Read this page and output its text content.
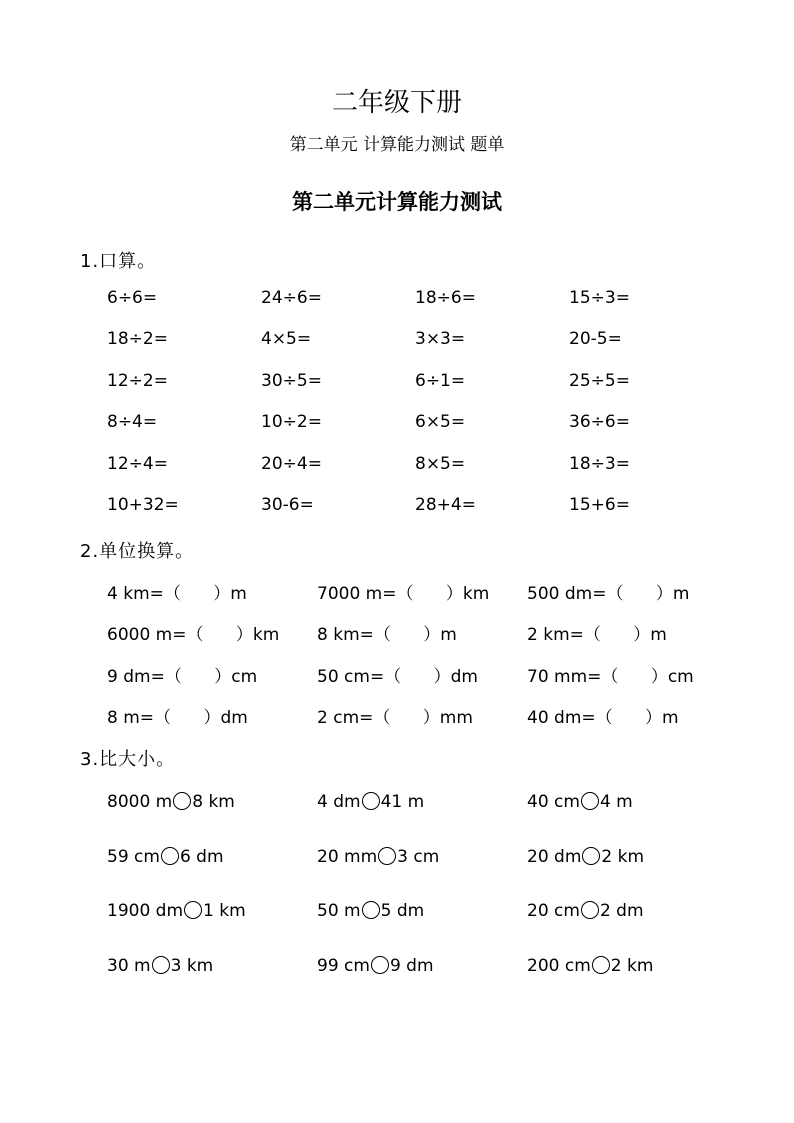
二年级下册
第二单元 计算能力测试 题单
第二单元计算能力测试
1.口算。
6÷6=	24÷6=	18÷6=	15÷3=
18÷2=	4×5=	3×3=	20-5=
12÷2=	30÷5=	6÷1=	25÷5=
8÷4=	10÷2=	6×5=	36÷6=
12÷4=	20÷4=	8×5=	18÷3=
10+32=	30-6=	28+4=	15+6=
2.单位换算。
4 km=（      ）m	7000 m=（      ）km 500 dm=（      ）m
6000 m=（      ）km 8 km=（      ）m	2 km=（      ）m
9 dm=（      ）cm	50 cm=（      ）dm	70 mm=（      ）cm
8 m=（      ）dm	2 cm=（      ）mm	40 dm=（      ）m
3.比大小。
8000 m 8 km	4 dm 41 m	40 cm 4 m
59 cm 6 dm	20 mm 3 cm	20 dm 2 km
1900 dm 1 km	50 m 5 dm	20 cm 2 dm
30 m 3 km	99 cm 9 dm	200 cm 2 km
